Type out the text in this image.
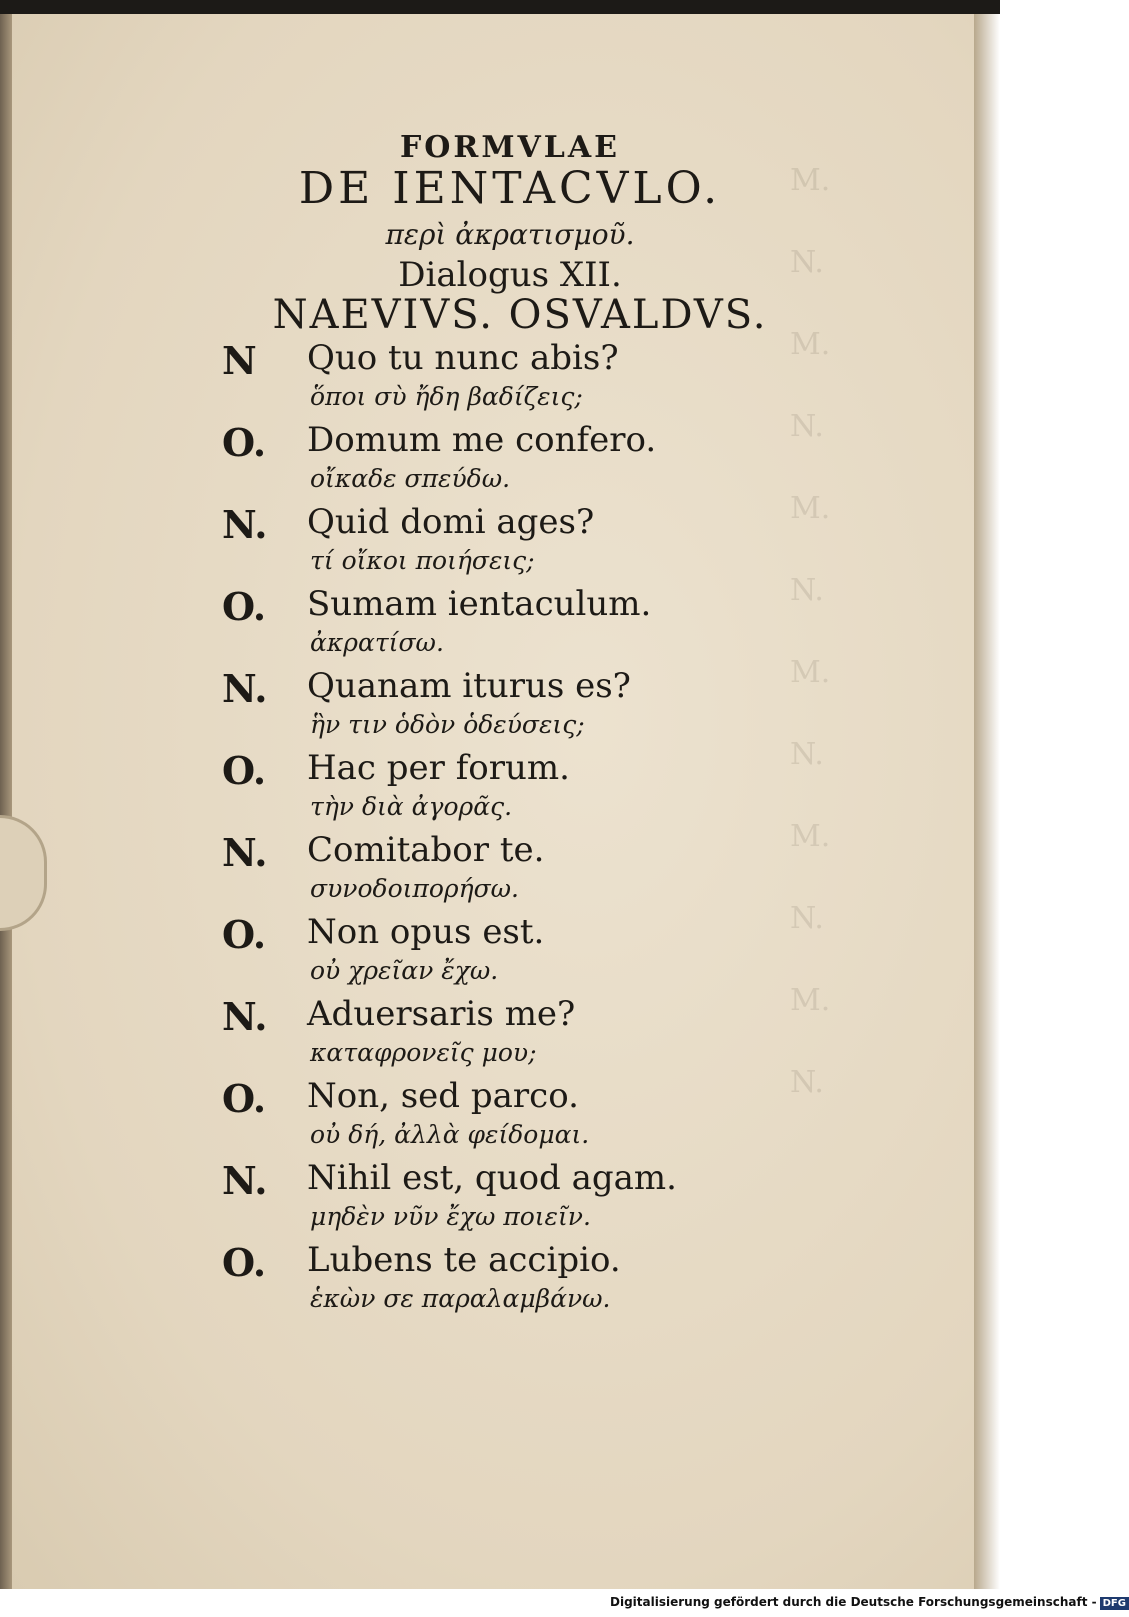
M.
N.
M.
N.
M.
N.
M.
N.
M.
N.
M.
N.
FORMVLAE
DE IENTACVLO.
περὶ ἀκρατισμοῦ.
Dialogus XII.
NAEVIVS. OSVALDVS.
N	Quo tu nunc abis?
ὅποι σὺ ἤδη βαδίζεις;
O.	Domum me confero.
οἴκαδε σπεύδω.
N.	Quid domi ages?
τί οἴκοι ποιήσεις;
O.	Sumam ientaculum.
ἀκρατίσω.
N.	Quanam iturus es?
ἣν τιν ὁδὸν ὁδεύσεις;
O.	Hac per forum.
τὴν διὰ ἀγορᾶς.
N.	Comitabor te.
συνοδοιπορήσω.
O.	Non opus est.
οὐ χρεῖαν ἔχω.
N.	Aduersaris me?
καταφρονεῖς μου;
O.	Non, sed parco.
οὐ δή, ἀλλὰ φείδομαι.
N.	Nihil est, quod agam.
μηδὲν νῦν ἔχω ποιεῖν.
O.	Lubens te accipio.
ἑκὼν σε παραλαμβάνω.
Digitalisierung gefördert durch die Deutsche Forschungsgemeinschaft - DFG
